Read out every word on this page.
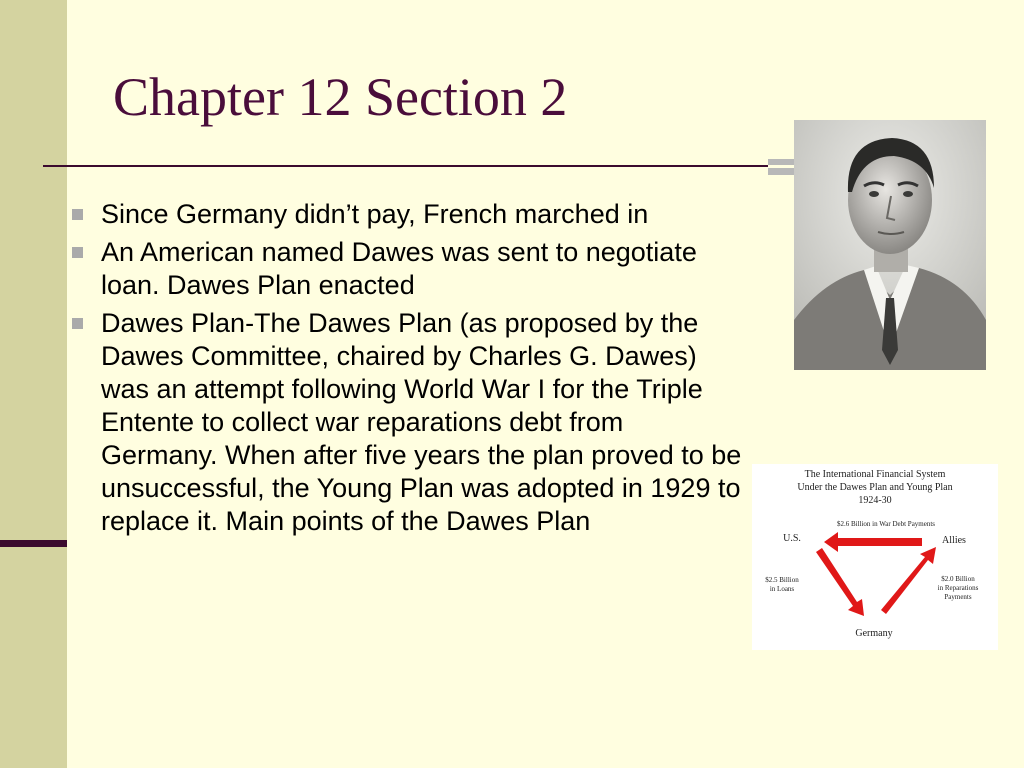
Chapter 12 Section 2
Since Germany didn’t pay, French marched in
An American named Dawes was sent to negotiate loan. Dawes Plan enacted
Dawes Plan-The Dawes Plan (as proposed by the Dawes Committee, chaired by Charles G. Dawes) was an attempt following World War I for the Triple Entente to collect war reparations debt from Germany. When after five years the plan proved to be unsuccessful, the Young Plan was adopted in 1929 to replace it. Main points of the Dawes Plan
The International Financial System
Under the Dawes Plan and Young Plan
1924-30
$2.6 Billion in War Debt Payments
U.S.	Allies
Germany
$2.5 Billion
in Loans
$2.0 Billion
in Reparations
Payments
